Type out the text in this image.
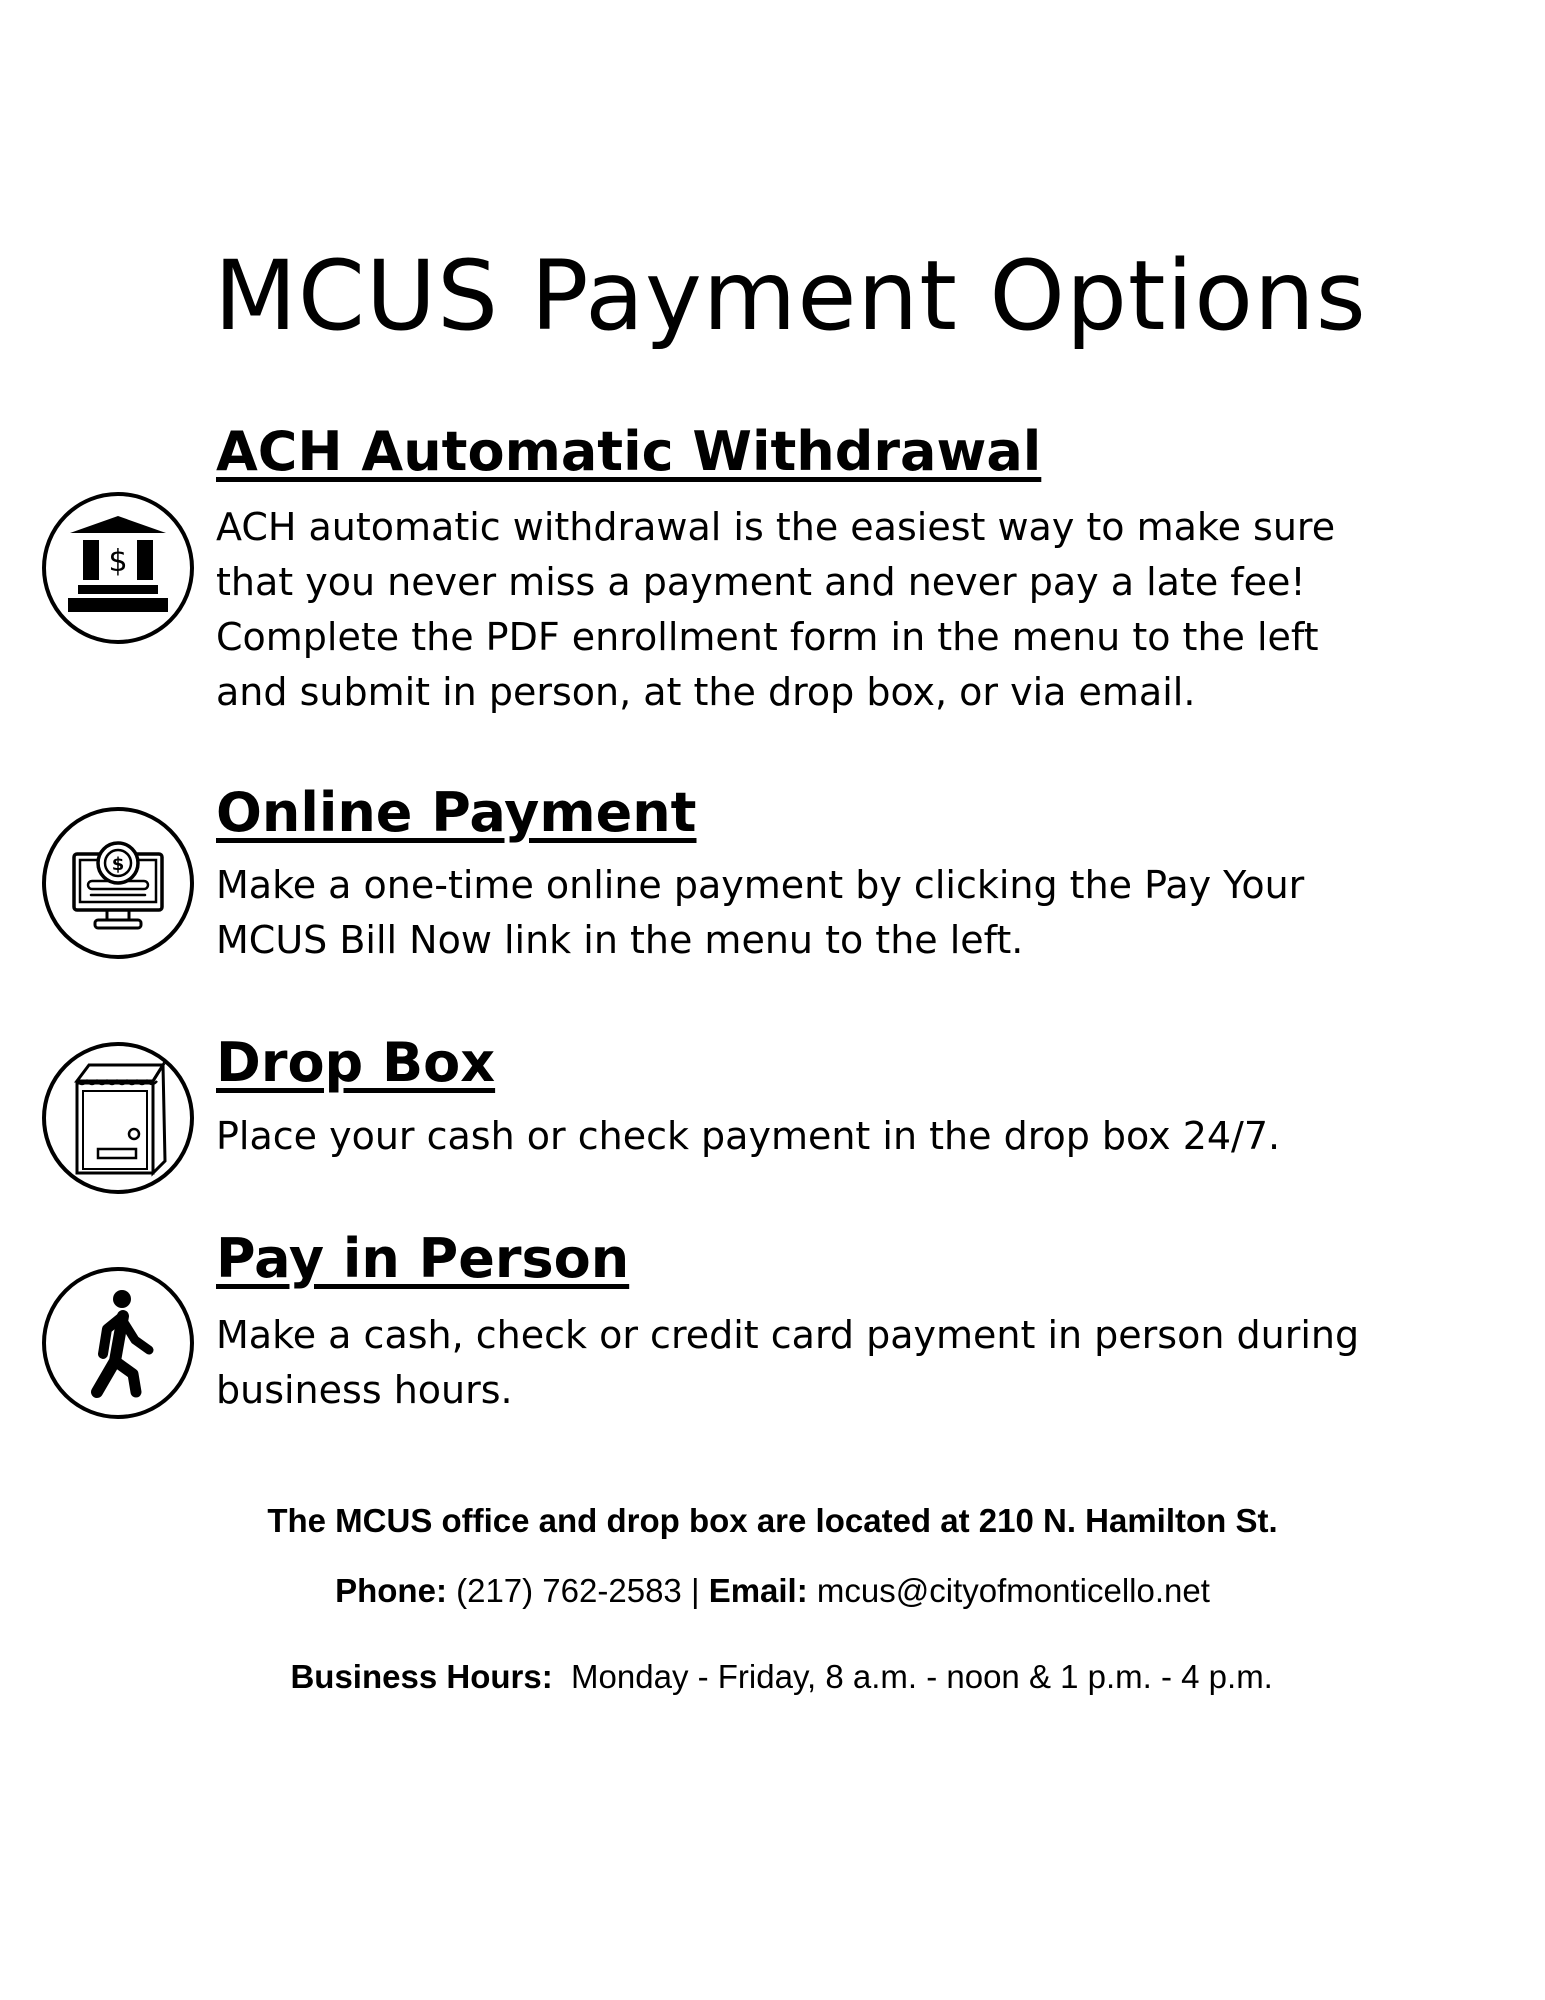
MCUS Payment Options
$
ACH Automatic Withdrawal
ACH automatic withdrawal is the easiest way to make sure
that you never miss a payment and never pay a late fee!
Complete the PDF enrollment form in the menu to the left
and submit in person, at the drop box, or via email.
$
Online Payment
Make a one-time online payment by clicking the Pay Your
MCUS Bill Now link in the menu to the left.
Drop Box
Place your cash or check payment in the drop box 24/7.
Pay in Person
Make a cash, check or credit card payment in person during
business hours.
The MCUS office and drop box are located at 210 N. Hamilton St.
Phone: (217) 762-2583 | Email: mcus@cityofmonticello.net

Business Hours:  Monday - Friday, 8 a.m. - noon & 1 p.m. - 4 p.m.
